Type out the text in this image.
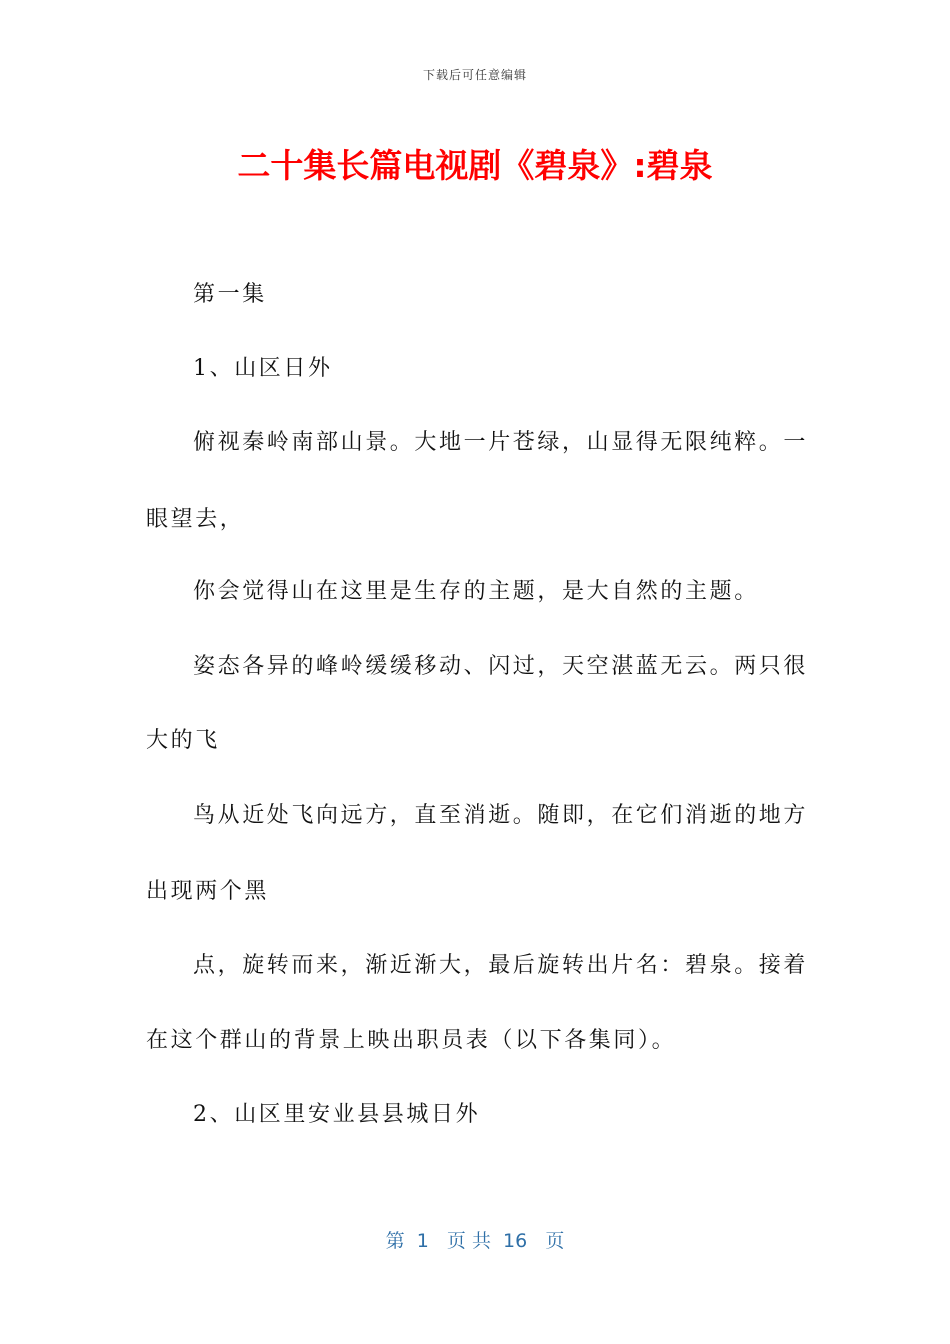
下载后可任意编辑
二十集长篇电视剧《碧泉》:碧泉
第一集
1、山区日外
俯视秦岭南部山景。大地一片苍绿，山显得无限纯粹。一
眼望去，
你会觉得山在这里是生存的主题，是大自然的主题。
姿态各异的峰岭缓缓移动、闪过，天空湛蓝无云。两只很
大的飞
鸟从近处飞向远方，直至消逝。随即，在它们消逝的地方
出现两个黑
点，旋转而来，渐近渐大，最后旋转出片名：碧泉。接着
在这个群山的背景上映出职员表（以下各集同）。
2、山区里安业县县城日外
第  1   页 共  16   页
